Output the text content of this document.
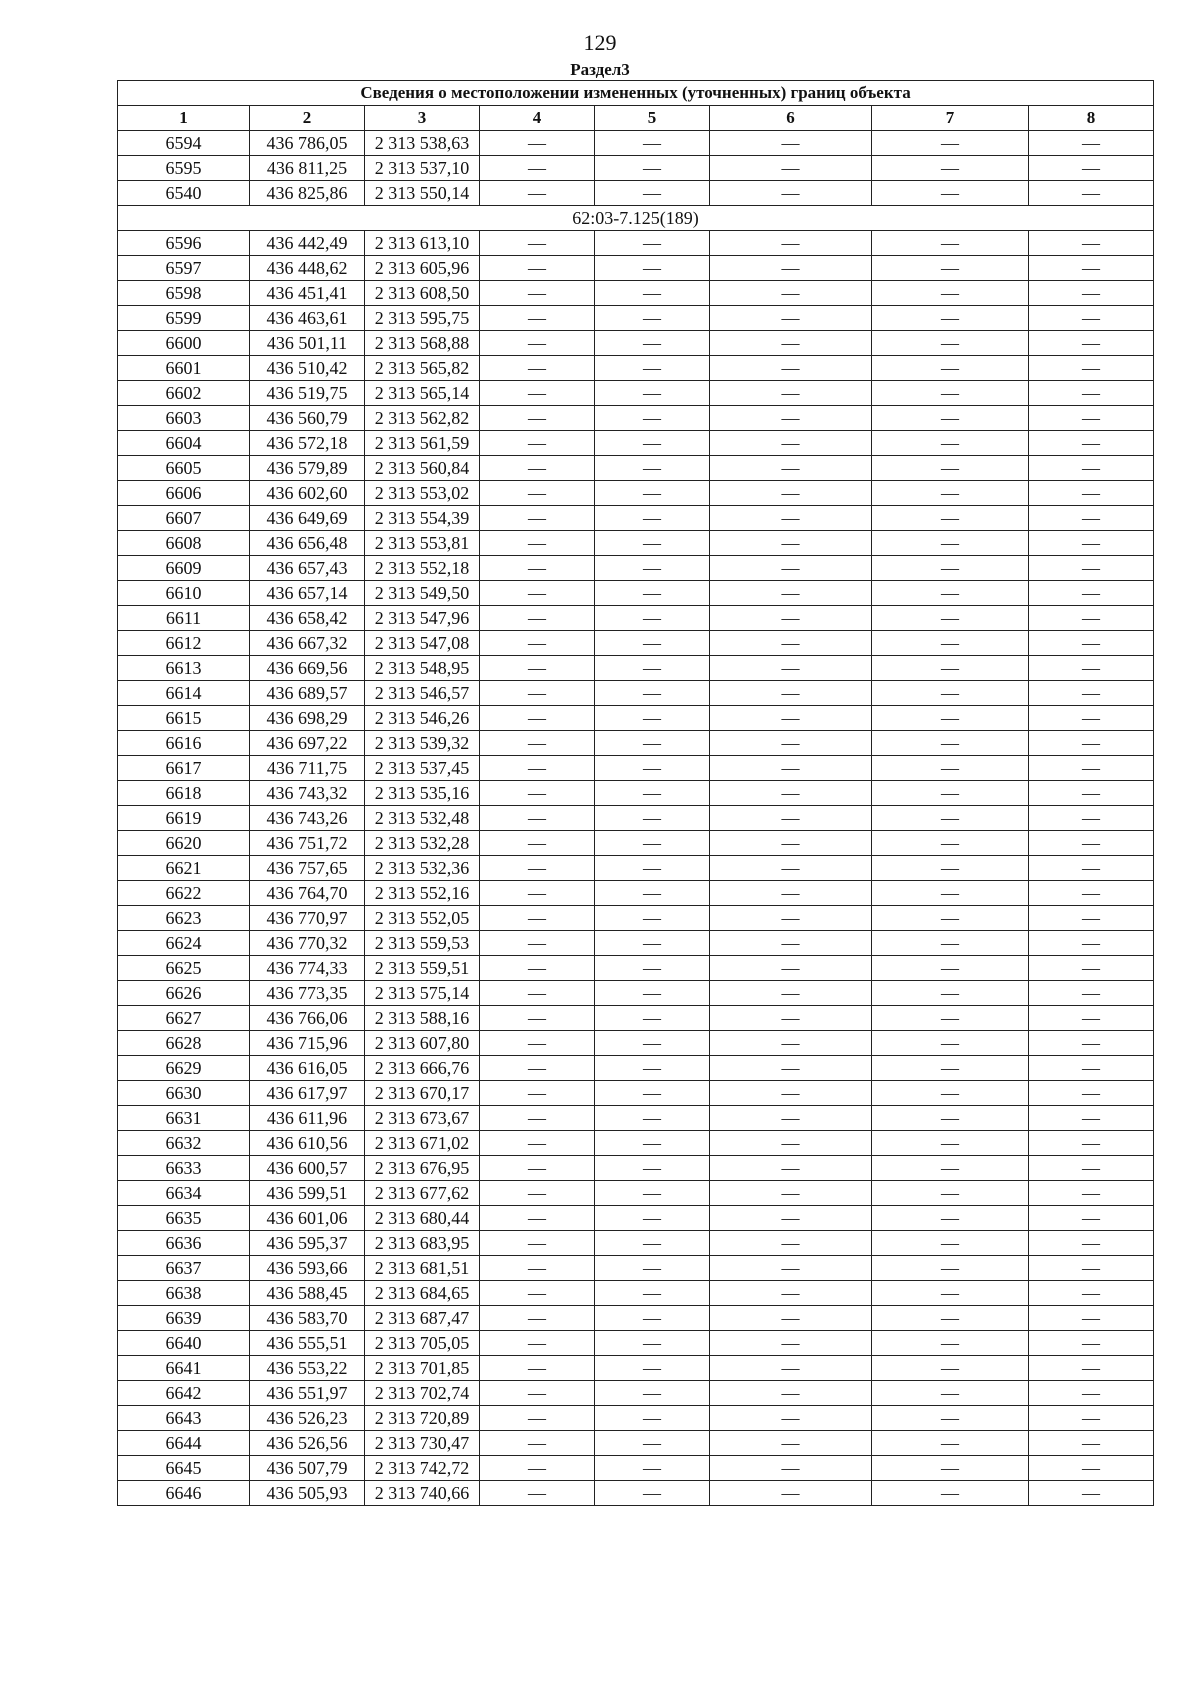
129
Раздел3
Сведения о местоположении измененных (уточненных) границ объекта							
1	2	3	4	5	6	7	8
6594	436 786,05	2 313 538,63	—	—	—	—	—
6595	436 811,25	2 313 537,10	—	—	—	—	—
6540	436 825,86	2 313 550,14	—	—	—	—	—
62:03-7.125(189)							
6596	436 442,49	2 313 613,10	—	—	—	—	—
6597	436 448,62	2 313 605,96	—	—	—	—	—
6598	436 451,41	2 313 608,50	—	—	—	—	—
6599	436 463,61	2 313 595,75	—	—	—	—	—
6600	436 501,11	2 313 568,88	—	—	—	—	—
6601	436 510,42	2 313 565,82	—	—	—	—	—
6602	436 519,75	2 313 565,14	—	—	—	—	—
6603	436 560,79	2 313 562,82	—	—	—	—	—
6604	436 572,18	2 313 561,59	—	—	—	—	—
6605	436 579,89	2 313 560,84	—	—	—	—	—
6606	436 602,60	2 313 553,02	—	—	—	—	—
6607	436 649,69	2 313 554,39	—	—	—	—	—
6608	436 656,48	2 313 553,81	—	—	—	—	—
6609	436 657,43	2 313 552,18	—	—	—	—	—
6610	436 657,14	2 313 549,50	—	—	—	—	—
6611	436 658,42	2 313 547,96	—	—	—	—	—
6612	436 667,32	2 313 547,08	—	—	—	—	—
6613	436 669,56	2 313 548,95	—	—	—	—	—
6614	436 689,57	2 313 546,57	—	—	—	—	—
6615	436 698,29	2 313 546,26	—	—	—	—	—
6616	436 697,22	2 313 539,32	—	—	—	—	—
6617	436 711,75	2 313 537,45	—	—	—	—	—
6618	436 743,32	2 313 535,16	—	—	—	—	—
6619	436 743,26	2 313 532,48	—	—	—	—	—
6620	436 751,72	2 313 532,28	—	—	—	—	—
6621	436 757,65	2 313 532,36	—	—	—	—	—
6622	436 764,70	2 313 552,16	—	—	—	—	—
6623	436 770,97	2 313 552,05	—	—	—	—	—
6624	436 770,32	2 313 559,53	—	—	—	—	—
6625	436 774,33	2 313 559,51	—	—	—	—	—
6626	436 773,35	2 313 575,14	—	—	—	—	—
6627	436 766,06	2 313 588,16	—	—	—	—	—
6628	436 715,96	2 313 607,80	—	—	—	—	—
6629	436 616,05	2 313 666,76	—	—	—	—	—
6630	436 617,97	2 313 670,17	—	—	—	—	—
6631	436 611,96	2 313 673,67	—	—	—	—	—
6632	436 610,56	2 313 671,02	—	—	—	—	—
6633	436 600,57	2 313 676,95	—	—	—	—	—
6634	436 599,51	2 313 677,62	—	—	—	—	—
6635	436 601,06	2 313 680,44	—	—	—	—	—
6636	436 595,37	2 313 683,95	—	—	—	—	—
6637	436 593,66	2 313 681,51	—	—	—	—	—
6638	436 588,45	2 313 684,65	—	—	—	—	—
6639	436 583,70	2 313 687,47	—	—	—	—	—
6640	436 555,51	2 313 705,05	—	—	—	—	—
6641	436 553,22	2 313 701,85	—	—	—	—	—
6642	436 551,97	2 313 702,74	—	—	—	—	—
6643	436 526,23	2 313 720,89	—	—	—	—	—
6644	436 526,56	2 313 730,47	—	—	—	—	—
6645	436 507,79	2 313 742,72	—	—	—	—	—
6646	436 505,93	2 313 740,66	—	—	—	—	—
